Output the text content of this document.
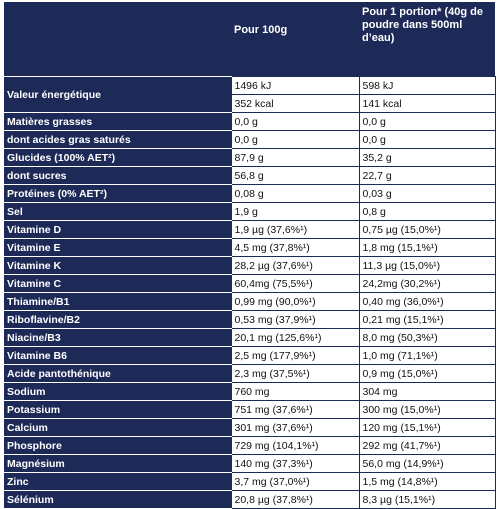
	Pour 100g	Pour 1 portion* (40g de poudre dans 500ml d’eau)
Valeur énergétique	1496 kJ	598 kJ
	352 kcal	141 kcal
Matières grasses	0,0 g	0,0 g
dont acides gras saturés	0,0 g	0,0 g
Glucides (100% AET²)	87,9 g	35,2 g
dont sucres	56,8 g	22,7 g
Protéines (0% AET²)	0,08 g	0,03 g
Sel	1,9 g	0,8 g
Vitamine D	1,9 µg (37,6%¹)	0,75 µg (15,0%¹)
Vitamine E	4,5 mg (37,8%¹)	1,8 mg (15,1%¹)
Vitamine K	28,2 µg (37,6%¹)	11,3 µg (15,0%¹)
Vitamine C	60,4mg (75,5%¹)	24,2mg (30,2%¹)
Thiamine/B1	0,99 mg (90,0%¹)	0,40 mg (36,0%¹)
Riboflavine/B2	0,53 mg (37,9%¹)	0,21 mg (15,1%¹)
Niacine/B3	20,1 mg (125,6%¹)	8,0 mg (50,3%¹)
Vitamine B6	2,5 mg (177,9%¹)	1,0 mg (71,1%¹)
Acide pantothénique	2,3 mg (37,5%¹)	0,9 mg (15,0%¹)
Sodium	760 mg	304 mg
Potassium	751 mg (37,6%¹)	300 mg (15,0%¹)
Calcium	301 mg (37,6%¹)	120 mg (15,1%¹)
Phosphore	729 mg (104,1%¹)	292 mg (41,7%¹)
Magnésium	140 mg (37,3%¹)	56,0 mg (14,9%¹)
Zinc	3,7 mg (37,0%¹)	1,5 mg (14,8%¹)
Sélénium	20,8 µg (37,8%¹)	8,3 µg (15,1%¹)
